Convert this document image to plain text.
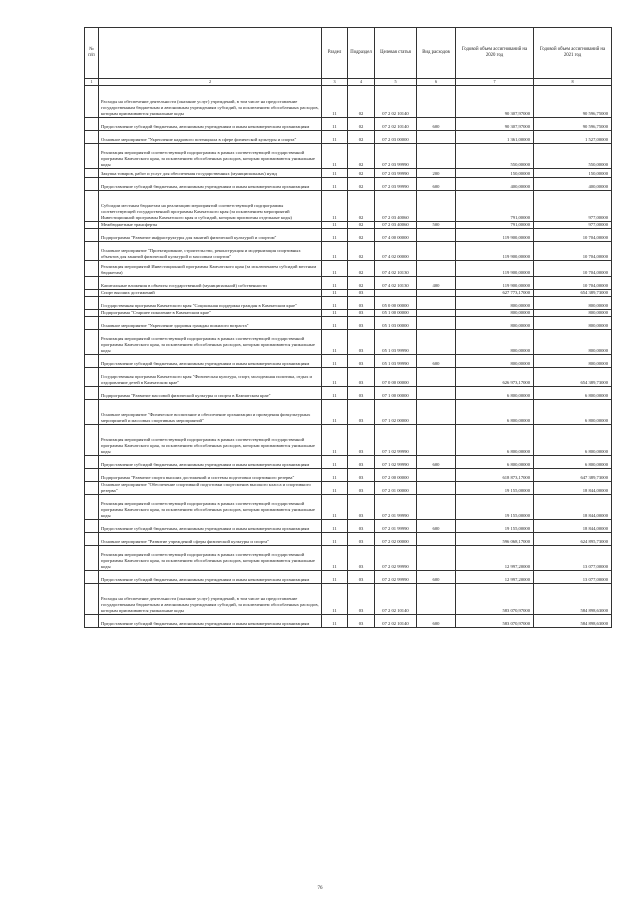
№ п/п		Раздел	Подраздел	Целевая статья	Вид расходов	Годовой объем ассигнований на 2020 год	Годовой объем ассигнований на 2021 год
1	2	3	4	5	6	7	8
	Расходы на обеспечение деятельности (оказание услуг) учреждений, в том числе на предоставление государственным бюджетным и автономным учреждениям субсидий, за исключением обособленных расходов, которым присваиваются уникальные коды	11	02	07 2 02 10140		90 307,97000	90 596,75000
	Предоставление субсидий бюджетным, автономным учреждениям и иным некоммерческим организациям	11	02	07 2 02 10140	600	90 307,97000	90 596,75000
	Основное мероприятие "Укрепление кадрового потенциала в сфере физической культуры и спорта"	11	02	07 2 03 00000		1 361,00000	1 527,00000
	Реализация мероприятий соответствующей подпрограммы в рамках соответствующей государственной программы Камчатского края, за исключением обособленных расходов, которым присваиваются уникальные коды	11	02	07 2 03 99990		550,00000	550,00000
	Закупка товаров, работ и услуг для обеспечения государственных (муниципальных) нужд	11	02	07 2 03 99990	200	150,00000	150,00000
	Предоставление субсидий бюджетным, автономным учреждениям и иным некоммерческим организациям	11	02	07 2 03 99990	600	400,00000	400,00000
	Субсидии местным бюджетам на реализацию мероприятий соответствующей подпрограммы соответствующей государственной программы Камчатского края (за исключением мероприятий Инвестиционной программы Камчатского края и субсидий, которым присвоены отдельные коды)	11	02	07 2 03 40060		791,00000	977,00000
	Межбюджетные трансферты	11	02	07 2 03 40060	500	791,00000	977,00000
	Подпрограмма "Развитие инфраструктуры для занятий физической культурой и спортом"	11	02	07 4 00 00000		119 900,00000	10 704,00000
	Основное мероприятие "Проектирование, строительство, реконструкция и модернизация спортивных объектов для занятий физической культурой и массовым спортом"	11	02	07 4 02 00000		119 900,00000	10 704,00000
	Реализация мероприятий Инвестиционной программы Камчатского края (за исключением субсидий местным бюджетам)	11	02	07 4 02 10130		119 900,00000	10 704,00000
	Капитальные вложения в объекты государственной (муниципальной) собственности	11	02	07 4 02 10130	400	119 900,00000	10 704,00000
	Спорт высших достижений	11	03			627 773,17000	654 389,73000
	Государственная программа Камчатского края "Социальная поддержка граждан в Камчатском крае"	11	03	05 0 00 00000		800,00000	800,00000
	Подпрограмма "Старшее поколение в Камчатском крае"	11	03	05 1 00 00000		800,00000	800,00000
	Основное мероприятие "Укрепление здоровья граждан пожилого возраста"	11	03	05 1 03 00000		800,00000	800,00000
	Реализация мероприятий соответствующей подпрограммы в рамках соответствующей государственной программы Камчатского края, за исключением обособленных расходов, которым присваиваются уникальные коды	11	03	05 1 03 99990		800,00000	800,00000
	Предоставление субсидий бюджетным, автономным учреждениям и иным некоммерческим организациям	11	03	05 1 03 99990	600	800,00000	800,00000
	Государственная программа Камчатского края "Физическая культура, спорт, молодежная политика, отдых и оздоровление детей в Камчатском крае"	11	03	07 0 00 00000		626 973,17000	654 389,73000
	Подпрограмма "Развитие массовой физической культуры и спорта в Камчатском крае"	11	03	07 1 00 00000		6 800,00000	6 800,00000
	Основное мероприятие "Физическое воспитание и обеспечение организации и проведения физкультурных мероприятий и массовых спортивных мероприятий"	11	03	07 1 02 00000		6 800,00000	6 800,00000
	Реализация мероприятий соответствующей подпрограммы в рамках соответствующей государственной программы Камчатского края, за исключением обособленных расходов, которым присваиваются уникальные коды	11	03	07 1 02 99990		6 800,00000	6 800,00000
	Предоставление субсидий бюджетным, автономным учреждениям и иным некоммерческим организациям	11	03	07 1 02 99990	600	6 800,00000	6 800,00000
	Подпрограмма "Развитие спорта высших достижений и системы подготовки спортивного резерва"	11	03	07 2 00 00000		618 873,17000	647 389,73000
	Основное мероприятие "Обеспечение спортивной подготовки спортсменов высокого класса и спортивного резерва"	11	03	07 2 01 00000		19 155,00000	18 844,00000
	Реализация мероприятий соответствующей подпрограммы в рамках соответствующей государственной программы Камчатского края, за исключением обособленных расходов, которым присваиваются уникальные коды	11	03	07 2 01 99990		19 155,00000	18 844,00000
	Предоставление субсидий бюджетным, автономным учреждениям и иным некоммерческим организациям	11	03	07 2 01 99990	600	19 155,00000	18 844,00000
	Основное мероприятие "Развитие учреждений сферы физической культуры и спорта"	11	03	07 2 02 00000		596 068,17000	624 895,73000
	Реализация мероприятий соответствующей подпрограммы в рамках соответствующей государственной программы Камчатского края, за исключением обособленных расходов, которым присваиваются уникальные коды	11	03	07 2 02 99990		12 997,20000	13 077,00000
	Предоставление субсидий бюджетным, автономным учреждениям и иным некоммерческим организациям	11	03	07 2 02 99990	600	12 997,20000	13 077,00000
	Расходы на обеспечение деятельности (оказание услуг) учреждений, в том числе на предоставление государственным бюджетным и автономным учреждениям субсидий, за исключением обособленных расходов, которым присваиваются уникальные коды	11	03	07 2 02 10140		583 070,97000	584 898,63000
	Предоставление субсидий бюджетным, автономным учреждениям и иным некоммерческим организациям	11	03	07 2 02 10140	600	583 070,97000	584 898,63000
76
